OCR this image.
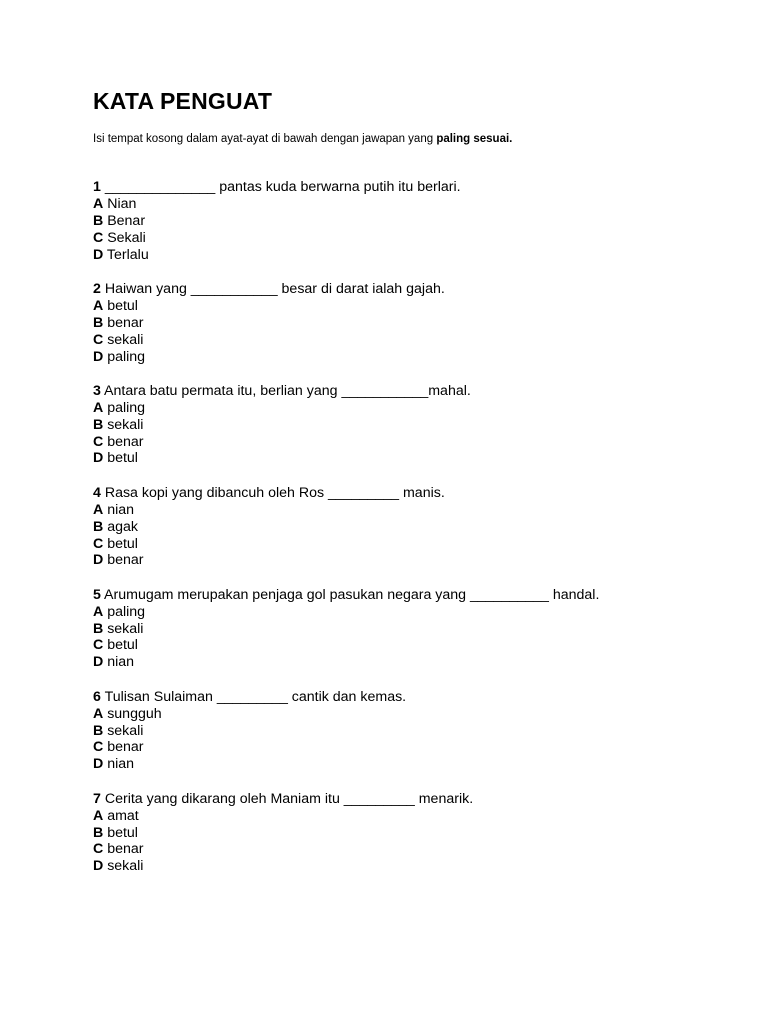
KATA PENGUAT
Isi tempat kosong dalam ayat-ayat di bawah dengan jawapan yang paling sesuai.
1 ______________ pantas kuda berwarna putih itu berlari.
A Nian
B Benar
C Sekali
D Terlalu
2 Haiwan yang ___________ besar di darat ialah gajah.
A betul
B benar
C sekali
D paling
3 Antara batu permata itu, berlian yang ___________mahal.
A paling
B sekali
C benar
D betul
4 Rasa kopi yang dibancuh oleh Ros _________ manis.
A nian
B agak
C betul
D benar
5 Arumugam merupakan penjaga gol pasukan negara yang __________ handal.
A paling
B sekali
C betul
D nian
6 Tulisan Sulaiman _________ cantik dan kemas.
A sungguh
B sekali
C benar
D nian
7 Cerita yang dikarang oleh Maniam itu _________ menarik.
A amat
B betul
C benar
D sekali
